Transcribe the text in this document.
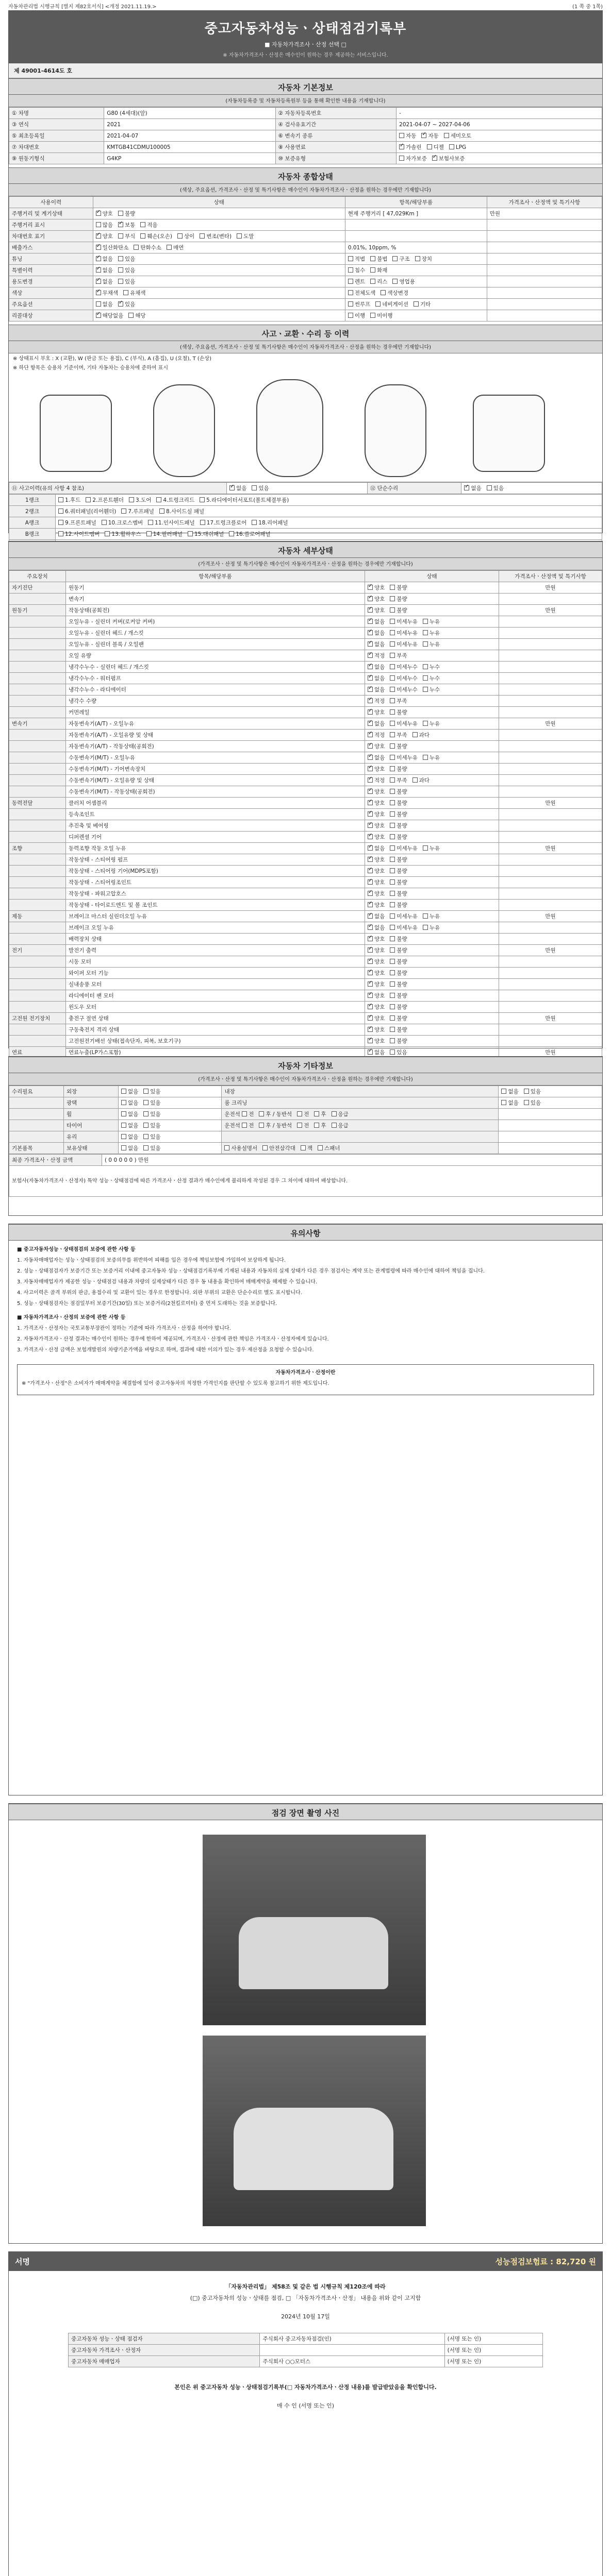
자동차관리법 시행규칙 [별지 제82호서식] <개정 2021.11.19.>	(1 쪽 중 1쪽)
중고자동차성능ㆍ상태점검기록부
■ 자동차가격조사ㆍ산정 선택 □
※ 자동차가격조사ㆍ산정은 매수인이 원하는 경우 제공하는 서비스입니다.
제 49001-4614도 호
자동차 기본정보
(자동차등록증 및 자동차등록원부 등을 통해 확인한 내용을 기재합니다)
① 차명	G80 (4세대)(알)	② 자동차등록번호	-
③ 연식	2021	④ 검사유효기간	2021-04-07 ~ 2027-04-06
⑤ 최초등록일	2021-04-07	⑥ 변속기 종류	자동 ✓ 자동 세미오토
⑦ 차대번호	KMTGB41CDMU100005	⑧ 사용연료	✓가솔린 디젤 LPG
⑨ 원동기형식	G4KP	⑩ 보증유형	자가보증 ✓ 보험사보증
자동차 종합상태
(색상, 주요옵션, 가격조사ㆍ산정 및 특기사항은 매수인이 자동차가격조사ㆍ산정을 원하는 경우에만 기재합니다)
사용이력	상태	항목/해당부품	가격조사ㆍ산정액 및 특기사항
주행거리 및 계기상태	✓양호 불량	현재 주행거리 [ 47,029Km ]	만원
주행거리 표시	많음 ✓ 보통 적음		
차대번호 표기	✓양호 부식 훼손(오손) 상이 변조(변타) 도말		
배출가스	✓일산화탄소 탄화수소 매연	0.01%, 10ppm, %	
튜닝	✓없음 있음	적법 불법 구조 장치	
특별이력	✓없음 있음	침수 화재	
용도변경	✓없음 있음	렌트 리스 영업용	
색상	✓무채색 유채색	전체도색 색상변경	
주요옵션	없음 ✓ 있음	썬루프 네비게이션 기타	
리콜대상	✓해당없음 해당	이행 미이행	
사고ㆍ교환ㆍ수리 등 이력
(색상, 주요옵션, 가격조사ㆍ산정 및 특기사항은 매수인이 자동차가격조사ㆍ산정을 원하는 경우에만 기재합니다)
※ 상태표시 부호 : X (교환), W (판금 또는 용접), C (부식), A (흠집), U (요철), T (손상)
※ 하단 항목은 승용차 기준이며, 기타 자동차는 승용차에 준하여 표시
⑪ 사고이력(유의 사항 4 참조)	✓없음 있음	⑫ 단순수리	✓없음 있음
1랭크	1.후드 2.프론트휀더 3.도어 4.트렁크리드 5.라디에이터서포트(볼트체결부품)
2랭크	6.쿼터패널(리어휀더) 7.루프패널 8.사이드실 패널
A랭크	9.프론트패널 10.크로스멤버 11.인사이드패널 17.트렁크플로어 18.리어패널
B랭크	12.사이드멤버 13.휠하우스 14.필러패널 15.대쉬패널 16.플로어패널

자동차 세부상태
(가격조사ㆍ산정 및 특기사항은 매수인이 자동차가격조사ㆍ산정을 원하는 경우에만 기재합니다)
주요장치	항목/해당부품	상태	가격조사ㆍ산정액 및 특기사항
자기진단	원동기	✓양호 불량	만원
	변속기	✓양호 불량	
원동기	작동상태(공회전)	✓양호 불량	만원
	오일누유 - 실린더 커버(로커암 커버)	✓없음 미세누유 누유	
	오일누유 - 실린더 헤드 / 개스킷	✓없음 미세누유 누유	
	오일누유 - 실린더 블록 / 오일팬	✓없음 미세누유 누유	
	오일 유량	✓적정 부족	
	냉각수누수 - 실린더 헤드 / 개스킷	✓없음 미세누수 누수	
	냉각수누수 - 워터펌프	✓없음 미세누수 누수	
	냉각수누수 - 라디에이터	✓없음 미세누수 누수	
	냉각수 수량	✓적정 부족	
	커먼레일	✓양호 불량	
변속기	자동변속기(A/T) - 오일누유	✓없음 미세누유 누유	만원
	자동변속기(A/T) - 오일유량 및 상태	✓적정 부족 과다	
	자동변속기(A/T) - 작동상태(공회전)	✓양호 불량	
	수동변속기(M/T) - 오일누유	✓없음 미세누유 누유	
	수동변속기(M/T) - 기어변속장치	✓양호 불량	
	수동변속기(M/T) - 오일유량 및 상태	✓적정 부족 과다	
	수동변속기(M/T) - 작동상태(공회전)	✓양호 불량	
동력전달	클러치 어셈블리	✓양호 불량	만원
	등속조인트	✓양호 불량	
	추진축 및 베어링	✓양호 불량	
	디퍼렌셜 기어	✓양호 불량	
조향	동력조향 작동 오일 누유	✓없음 미세누유 누유	만원
	작동상태 - 스티어링 펌프	✓양호 불량	
	작동상태 - 스티어링 기어(MDPS포함)	✓양호 불량	
	작동상태 - 스티어링조인트	✓양호 불량	
	작동상태 - 파워고압호스	✓양호 불량	
	작동상태 - 타이로드엔드 및 볼 조인트	✓양호 불량	
제동	브레이크 마스터 실린더오일 누유	✓없음 미세누유 누유	만원
	브레이크 오일 누유	✓없음 미세누유 누유	
	배력장치 상태	✓양호 불량	
전기	발전기 출력	✓양호 불량	만원
	시동 모터	✓양호 불량	
	와이퍼 모터 기능	✓양호 불량	
	실내송풍 모터	✓양호 불량	
	라디에이터 팬 모터	✓양호 불량	
	윈도우 모터	✓양호 불량	
고전원 전기장치	충전구 절연 상태	✓양호 불량	만원
	구동축전지 격리 상태	✓양호 불량	
	고전원전기배선 상태(접속단자, 피복, 보호기구)	✓양호 불량	
연료	연료누출(LP가스포함)	✓없음 있음	만원
자동차 기타정보
(가격조사ㆍ산정 및 특기사항은 매수인이 자동차가격조사ㆍ산정을 원하는 경우에만 기재합니다)
수리필요	외장	없음 있음	내장	없음 있음
	광택	없음 있음	룸 크리닝	없음 있음
	휠	없음 있음	운전석 전 후 / 동반석 전 후 응급	
	타이어	없음 있음	운전석 전 후 / 동반석 전 후 응급	
	유리	없음 있음		
기본품목	보유상태	없음 있음	사용설명서 안전삼각대 잭 스패너	
최종 가격조사ㆍ산정 금액	( 0 0 0 0 0 ) 만원
보험사(자동차가격조사ㆍ산정자) 특약 성능ㆍ상태점검에 따른 가격조사ㆍ산정 결과가 매수인에게 불리하게 작성된 경우 그 차이에 대하여 배상합니다.
유의사항

■ 중고자동차성능ㆍ상태점검의 보증에 관한 사항 등

1. 자동차매매업자는 성능ㆍ상태점검의 보증의무를 위반하여 피해를 입은 경우에 책임보험에 가입하여 보상하게 됩니다.

2. 성능ㆍ상태점검자가 보증기간 또는 보증거리 이내에 중고자동차 성능ㆍ상태점검기록부에 기재된 내용과 자동차의 실제 상태가 다른 경우 점검자는 계약 또는 관계법령에 따라 매수인에 대하여 책임을 집니다.

3. 자동차매매업자가 제공한 성능ㆍ상태점검 내용과 차량의 실제상태가 다른 경우 동 내용을 확인하여 매매계약을 해제할 수 있습니다.

4. 사고이력은 골격 부위의 판금, 용접수리 및 교환이 있는 경우로 한정합니다. 외판 부위의 교환은 단순수리로 별도 표시합니다.

5. 성능ㆍ상태점검자는 점검일부터 보증기간(30일) 또는 보증거리(2천킬로미터) 중 먼저 도래하는 것을 보증합니다.

■ 자동차가격조사ㆍ산정의 보증에 관한 사항 등

1. 가격조사ㆍ산정자는 국토교통부장관이 정하는 기준에 따라 가격조사ㆍ산정을 하여야 합니다.

2. 자동차가격조사ㆍ산정 결과는 매수인이 원하는 경우에 한하여 제공되며, 가격조사ㆍ산정에 관한 책임은 가격조사ㆍ산정자에게 있습니다.

3. 가격조사ㆍ산정 금액은 보험개발원의 차량기준가액을 바탕으로 하며, 결과에 대한 이의가 있는 경우 재산정을 요청할 수 있습니다.

자동차가격조사ㆍ산정이란

※ "가격조사ㆍ산정"은 소비자가 매매계약을 체결함에 있어 중고자동차의 적정한 가격인지를 판단할 수 있도록 참고하기 위한 제도입니다.

점검 장면 촬영 사진
서명	성능점검보험료 : 82,720 원

「자동차관리법」 제58조 및 같은 법 시행규칙 제120조에 따라

(□) 중고자동차의 성능ㆍ상태를 점검, □ 「자동차가격조사ㆍ산정」 내용을 위와 같이 고지함

2024년 10월 17일

중고자동차 성능ㆍ상태 점검자	주식회사 중고자동차점검(인)	(서명 또는 인)
중고자동차 가격조사ㆍ산정자		(서명 또는 인)
중고자동차 매매업자	주식회사 ○○모터스	(서명 또는 인)

본인은 위 중고자동차 성능ㆍ상태점검기록부(□ 자동차가격조사ㆍ산정 내용)를 발급받았음을 확인합니다.

매 수 인 (서명 또는 인)
